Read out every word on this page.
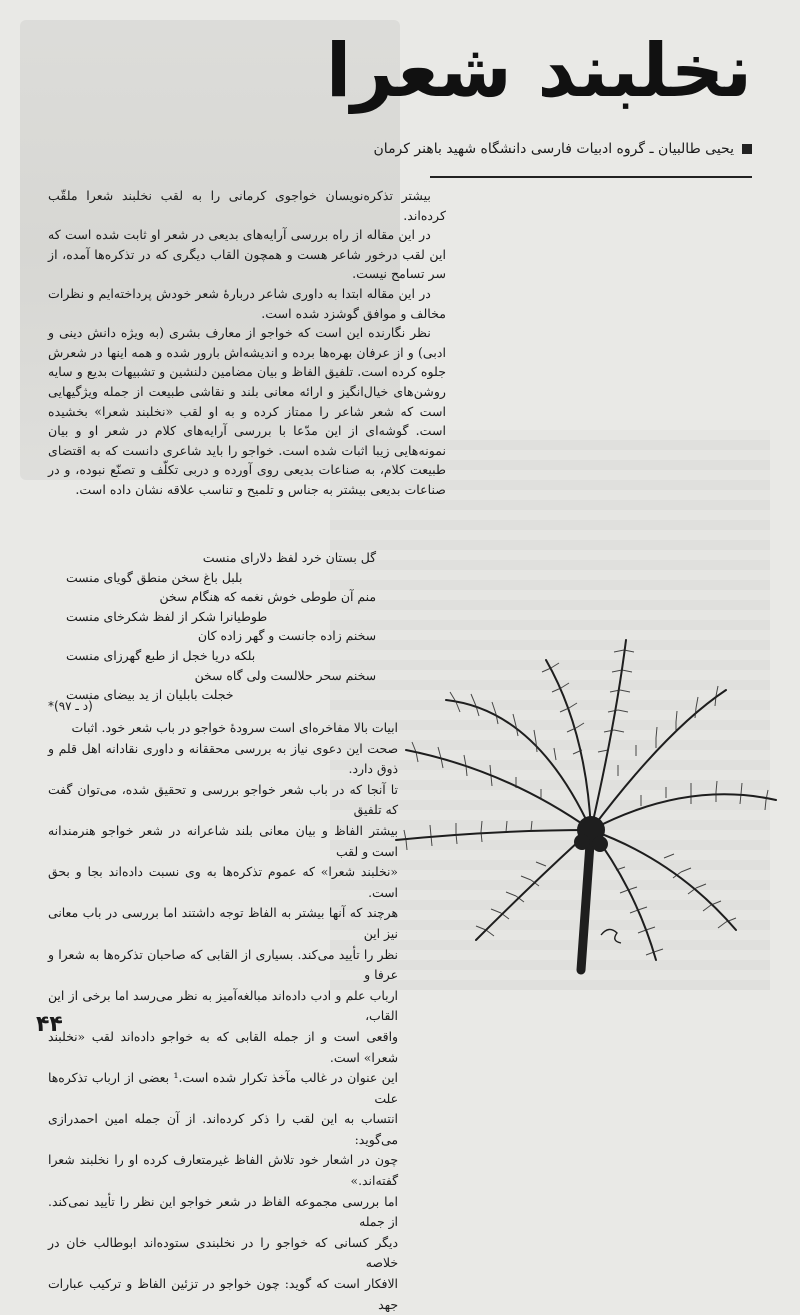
نخلبند شعرا
یحیی طالبیان ـ گروه ادبیات فارسی دانشگاه شهید باهنر کرمان

بیشتر تذکره‌نویسان خواجوی کرمانی را به لقب نخلبند شعرا ملقّب کرده‌اند.

در این مقاله از راه بررسی آرایه‌های بدیعی در شعر او ثابت شده است که این لقب درخور شاعر هست و همچون القاب دیگری که در تذکره‌ها آمده، از سر تسامح نیست.

در این مقاله ابتدا به داوری شاعر دربارهٔ شعر خودش پرداخته‌ایم و نظرات مخالف و موافق گوشزد شده است.

نظر نگارنده این است که خواجو از معارف بشری (به ویژه دانش دینی و ادبی) و از عرفان بهره‌ها برده و اندیشه‌اش بارور شده و همه اینها در شعرش جلوه کرده است. تلفیق الفاظ و بیان مضامین دلنشین و تشبیهات بدیع و سایه روشن‌های خیال‌انگیز و ارائه معانی بلند و نقاشی طبیعت از جمله ویژگیهایی است که شعر شاعر را ممتاز کرده و به او لقب «نخلبند شعرا» بخشیده است. گوشه‌ای از این مدّعا با بررسی آرایه‌های کلام در شعر او و بیان نمونه‌هایی زیبا اثبات شده است. خواجو را باید شاعری دانست که به اقتضای طبیعت کلام، به صناعات بدیعی روی آورده و دربی تکلّف و تصنّع نبوده، و در صناعات بدیعی بیشتر به جناس و تلمیح و تناسب علاقه نشان داده است.

گل بستان خرد لفظ دلارای منست
بلبل باغ سخن منطق گویای منست
منم آن طوطی خوش نغمه که هنگام سخن
طوطیانرا شکر از لفظ شکرخای منست
سخنم زاده جانست و گهر زاده کان
بلکه دریا خجل از طبع گهرزای منست
سخنم سحر حلالست ولی گاه سخن
خجلت بابلیان از ید بیضای منست
(د ـ ۹۷)*
ابیات بالا مفاخره‌ای است سرودهٔ خواجو در باب شعر خود. اثبات
صحت این دعوی نیاز به بررسی محققانه و داوری نقادانه اهل قلم و ذوق دارد.
تا آنجا که در باب شعر خواجو بررسی و تحقیق شده، می‌توان گفت که تلفیق
بیشتر الفاظ و بیان معانی بلند شاعرانه در شعر خواجو هنرمندانه است و لقب
«نخلبند شعرا» که عموم تذکره‌ها به وی نسبت داده‌اند بجا و بحق است.
هرچند که آنها بیشتر به الفاظ توجه داشتند اما بررسی در باب معانی نیز این
نظر را تأیید می‌کند. بسیاری از القابی که صاحبان تذکره‌ها به شعرا و عرفا و
ارباب علم و ادب داده‌اند مبالغه‌آمیز به نظر می‌رسد اما برخی از این القاب،
واقعی است و از جمله القابی که به خواجو داده‌اند لقب «نخلبند شعرا» است.
این عنوان در غالب مآخذ تکرار شده است.¹ بعضی از ارباب تذکره‌ها علت
انتساب به این لقب را ذکر کرده‌اند. از آن جمله امین احمدرازی می‌گوید:
چون در اشعار خود تلاش الفاظ غیرمتعارف کرده او را نخلبند شعرا گفته‌اند.»
اما بررسی مجموعه الفاظ در شعر خواجو این نظر را تأیید نمی‌کند. از جمله
دیگر کسانی که خواجو را در نخلبندی ستوده‌اند ابوطالب خان در خلاصه
الافکار است که گوید: چون خواجو در تزئین الفاظ و ترکیب عبارات جهد
۴۴
